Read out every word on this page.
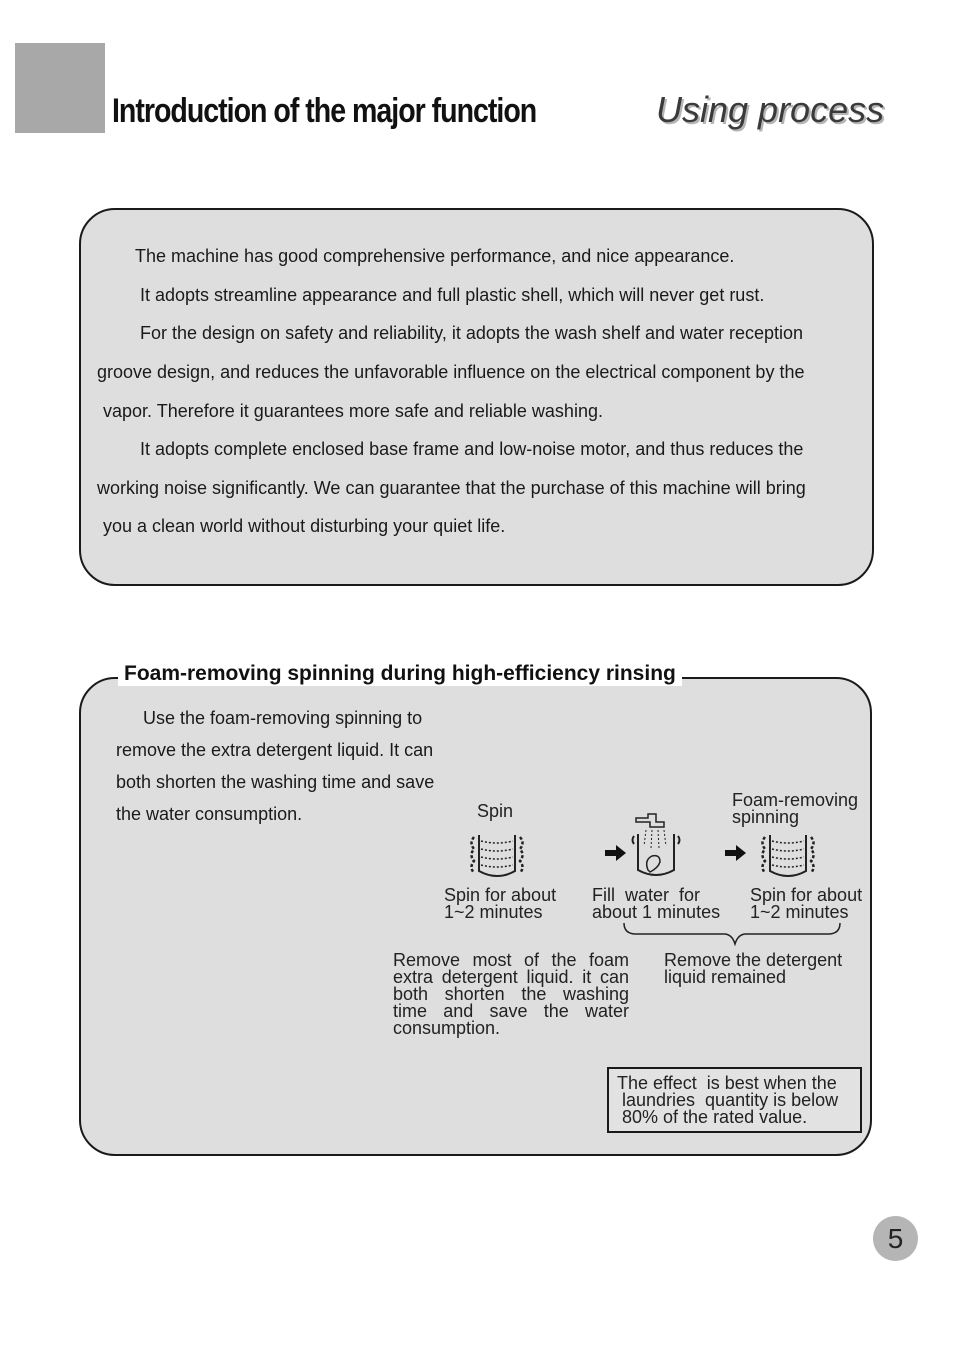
Introduction of the major function	Using process
The machine has good comprehensive performance, and nice appearance.
It adopts streamline appearance and full plastic shell, which will never get rust.
For the design on safety and reliability, it adopts the wash shelf and water reception
groove design, and reduces the unfavorable influence on the electrical component by the
vapor. Therefore it guarantees more safe and reliable washing.
It adopts complete enclosed base frame and low-noise motor, and thus reduces the
working noise significantly. We can guarantee that the purchase of this machine will bring
you a clean world without disturbing your quiet life.
Foam-removing spinning during high-efficiency rinsing
Use the foam-removing spinning to
remove the extra detergent liquid. It can
both shorten the washing time and save
the water consumption.	Spin
Foam-removing
spinning
Spin for about
1~2 minutes
Fill  water  for
about 1 minutes
Spin for about
1~2 minutes
Remove most of the foam
extra detergent liquid. it can
both shorten the washing
time and save the water
consumption.
Remove the detergent
liquid remained
The effect  is best when the
laundries  quantity is below
80% of the rated value.
5
